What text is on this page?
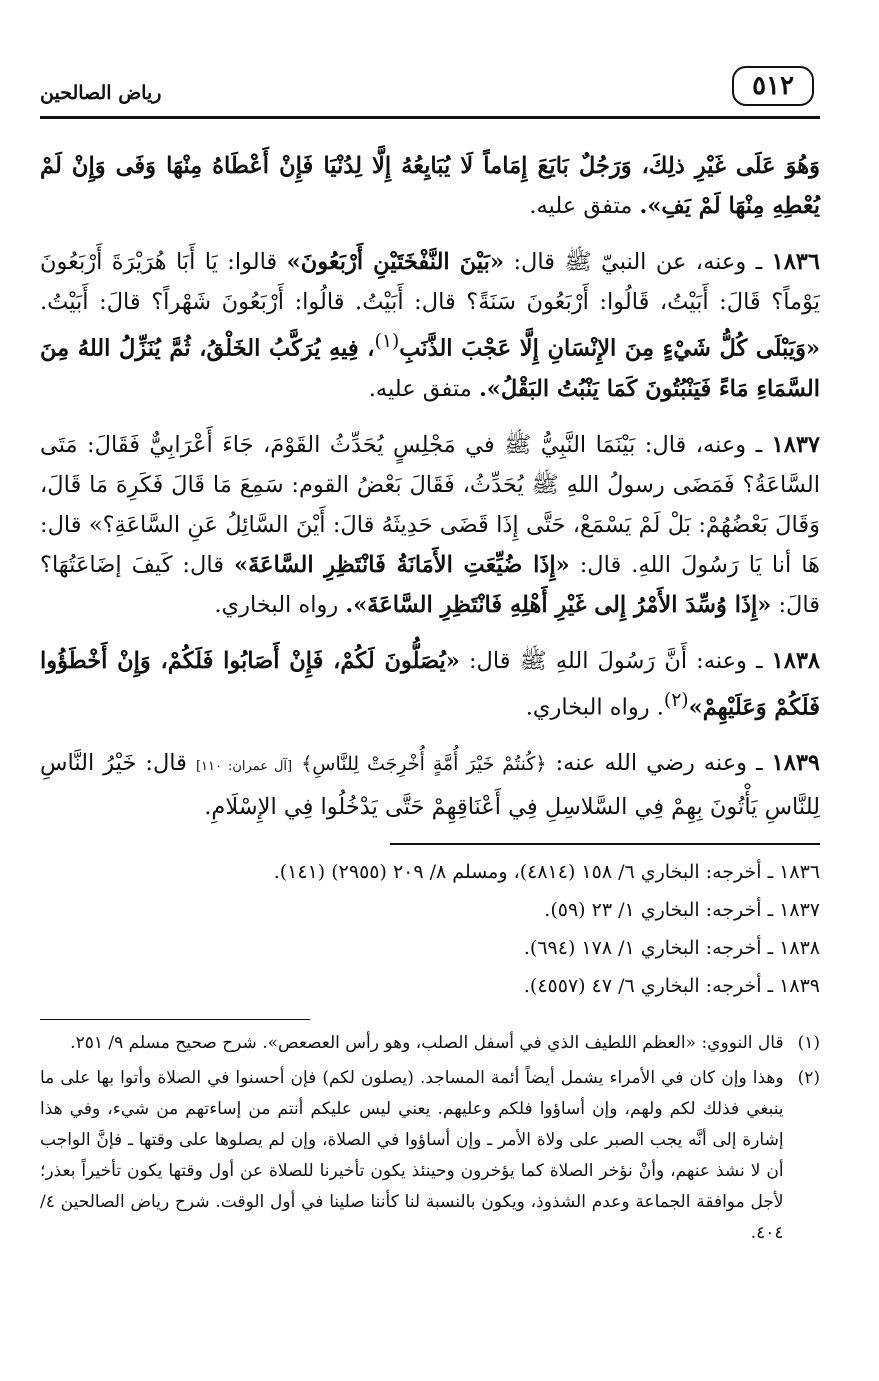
٥١٢
رياض الصالحين

وَهُوَ عَلَى غَيْرِ ذلِكَ، وَرَجُلٌ بَايَعَ إِمَاماً لَا يُبَايِعُهُ إِلَّا لِدُنْيَا فَإِنْ أَعْطَاهُ مِنْهَا وَفَى وَإِنْ لَمْ يُعْطِهِ مِنْهَا لَمْ يَفِ». متفق عليه.

١٨٣٦ ـ وعنه، عن النبيّ ﷺ قال: «بَيْنَ النَّفْخَتَيْنِ أَرْبَعُونَ» قالوا: يَا أَبَا هُرَيْرَةَ أَرْبَعُونَ يَوْماً؟ قَالَ: أَبَيْتُ، قَالُوا: أَرْبَعُونَ سَنَةً؟ قال: أَبَيْتُ. قالُوا: أَرْبَعُونَ شَهْراً؟ قالَ: أَبَيْتُ. «وَيَبْلَى كُلُّ شَيْءٍ مِنَ الإِنْسَانِ إِلَّا عَجْبَ الذَّنَبِ$^{(١)}$، فِيهِ يُرَكَّبُ الخَلْقُ، ثُمَّ يُنَزِّلُ اللهُ مِنَ السَّمَاءِ مَاءً فَيَنْبُتُونَ كَمَا يَنْبُتُ البَقْلُ». متفق عليه.

١٨٣٧ ـ وعنه، قال: بَيْنَمَا النَّبِيُّ ﷺ في مَجْلِسٍ يُحَدِّثُ القَوْمَ، جَاءَ أَعْرَابِيٌّ فَقَالَ: مَتَى السَّاعَةُ؟ فَمَضَى رسولُ اللهِ ﷺ يُحَدِّثُ، فَقَالَ بَعْضُ القوم: سَمِعَ مَا قَالَ فَكَرِهَ مَا قَالَ، وَقَالَ بَعْضُهُمْ: بَلْ لَمْ يَسْمَعْ، حَتَّى إِذَا قَضَى حَدِيثَهُ قالَ: أَيْنَ السَّائِلُ عَنِ السَّاعَةِ؟» قال: هَا أنا يَا رَسُولَ اللهِ. قال: «إِذَا ضُيِّعَتِ الأَمَانَةُ فَانْتَظِرِ السَّاعَةَ» قال: كَيفَ إضَاعَتُهَا؟ قالَ: «إِذَا وُسِّدَ الأَمْرُ إِلى غَيْرِ أَهْلِهِ فَانْتَظِرِ السَّاعَةَ». رواه البخاري.

١٨٣٨ ـ وعنه: أَنَّ رَسُولَ اللهِ ﷺ قال: «يُصَلُّونَ لَكُمْ، فَإِنْ أَصَابُوا فَلَكُمْ، وَإِنْ أَخْطَؤُوا فَلَكُمْ وَعَلَيْهِمْ»$^{(٢)}$. رواه البخاري.

١٨٣٩ ـ وعنه رضي الله عنه: ﴿كُنتُمْ خَيْرَ أُمَّةٍ أُخْرِجَتْ لِلنَّاسِ﴾ [آل عمران: ١١٠] قال: خَيْرُ النَّاسِ لِلنَّاسِ يَأْتُونَ بِهِمْ فِي السَّلاسِلِ فِي أَعْنَاقِهِمْ حَتَّى يَدْخُلُوا فِي الإِسْلَامِ.

١٨٣٦ ـ أخرجه: البخاري ٦/ ١٥٨ (٤٨١٤)، ومسلم ٨/ ٢٠٩ (٢٩٥٥) (١٤١).
١٨٣٧ ـ أخرجه: البخاري ١/ ٢٣ (٥٩).
١٨٣٨ ـ أخرجه: البخاري ١/ ١٧٨ (٦٩٤).
١٨٣٩ ـ أخرجه: البخاري ٦/ ٤٧ (٤٥٥٧).
(١)
قال النووي: «العظم اللطيف الذي في أسفل الصلب، وهو رأس العصعص». شرح صحيح مسلم ٩/ ٢٥١.
(٢)
وهذا وإن كان في الأمراء يشمل أيضاً أئمة المساجد. (يصلون لكم) فإن أحسنوا في الصلاة وأتوا بها على ما ينبغي فذلك لكم ولهم، وإن أساؤوا فلكم وعليهم. يعني ليس عليكم أنتم من إساءتهم من شيء، وفي هذا إشارة إلى أنَّه يجب الصبر على ولاة الأمر ـ وإن أساؤوا في الصلاة، وإن لم يصلوها على وقتها ـ فإنَّ الواجب أن لا نشذ عنهم، وأنْ نؤخر الصلاة كما يؤخرون وحينئذ يكون تأخيرنا للصلاة عن أول وقتها يكون تأخيراً بعذر؛ لأجل موافقة الجماعة وعدم الشذوذ، ويكون بالنسبة لنا كأننا صلينا في أول الوقت. شرح رياض الصالحين ٤/ ٤٠٤.
